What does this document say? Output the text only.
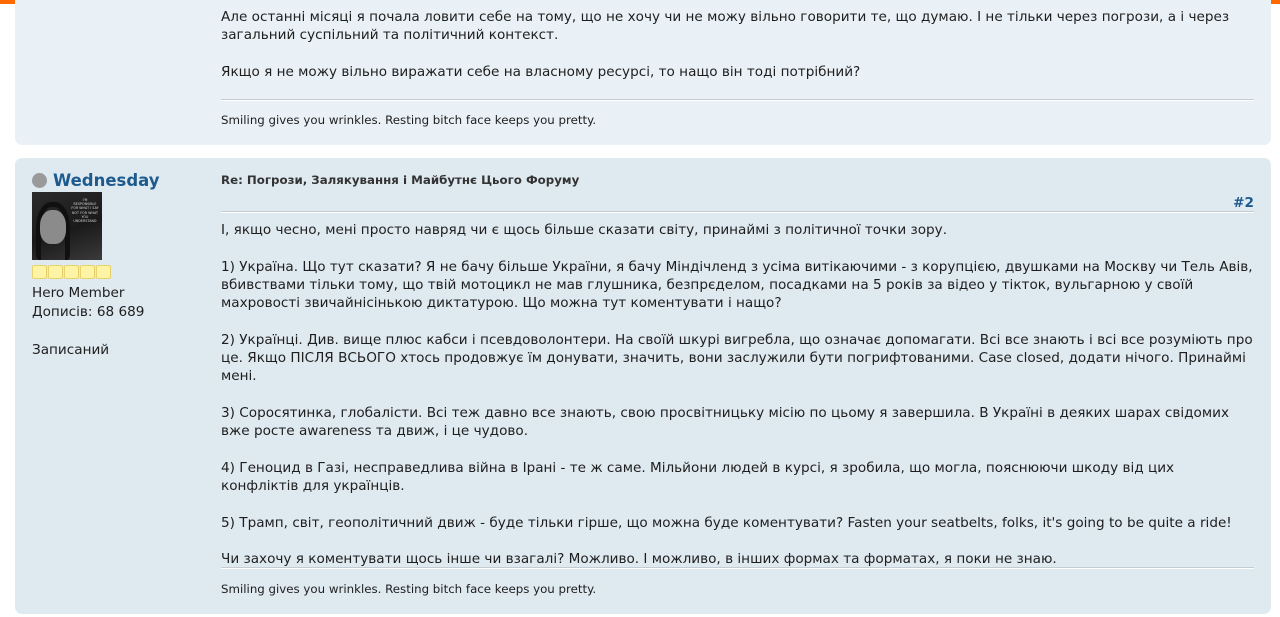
Але останні місяці я почала ловити себе на тому, що не хочу чи не можу вільно говорити те, що думаю. І не тільки через погрози, а і через загальний суспільний та політичний контекст.

Якщо я не можу вільно виражати себе на власному ресурсі, то нащо він тоді потрібний?

Smiling gives you wrinkles. Resting bitch face keeps you pretty.
Wednesday
I'M RESPONSIBLE FOR WHAT I SAY NOT FOR WHAT YOU UNDERSTAND
Hero Member
Дописів: 68 689
Записаний
Re: Погрози, Залякування і Майбутнє Цього Форуму
#2

І, якщо чесно, мені просто навряд чи є щось більше сказати світу, принаймі з політичної точки зору.

1) Україна. Що тут сказати? Я не бачу більше України, я бачу Міндічленд з усіма витікаючими - з корупцією, двушками на Москву чи Тель Авів, вбивствами тільки тому, що твій мотоцикл не мав глушника, безпрєделом, посадками на 5 років за відео у тікток, вульгарною у своїй махровості звичайнісінькою диктатурою. Що можна тут коментувати і нащо?

2) Українці. Див. вище плюс кабси і псевдоволонтери. На своїй шкурі вигребла, що означає допомагати. Всі все знають і всі все розуміють про це. Якщо ПІСЛЯ ВСЬОГО хтось продовжує їм донувати, значить, вони заслужили бути погрифтованими. Case closed, додати нічого. Принаймі мені.

3) Соросятинка, глобалісти. Всі теж давно все знають, свою просвітницьку місію по цьому я завершила. В Україні в деяких шарах свідомих вже росте awareness та движ, і це чудово.

4) Геноцид в Газі, несправедлива війна в Ірані - те ж саме. Мільйони людей в курсі, я зробила, що могла, пояснюючи шкоду від цих конфліктів для українців.

5) Трамп, світ, геополітичний движ - буде тільки гірше, що можна буде коментувати? Fasten your seatbelts, folks, it's going to be quite a ride!

Чи захочу я коментувати щось інше чи взагалі? Можливо. І можливо, в інших формах та форматах, я поки не знаю.

Smiling gives you wrinkles. Resting bitch face keeps you pretty.
